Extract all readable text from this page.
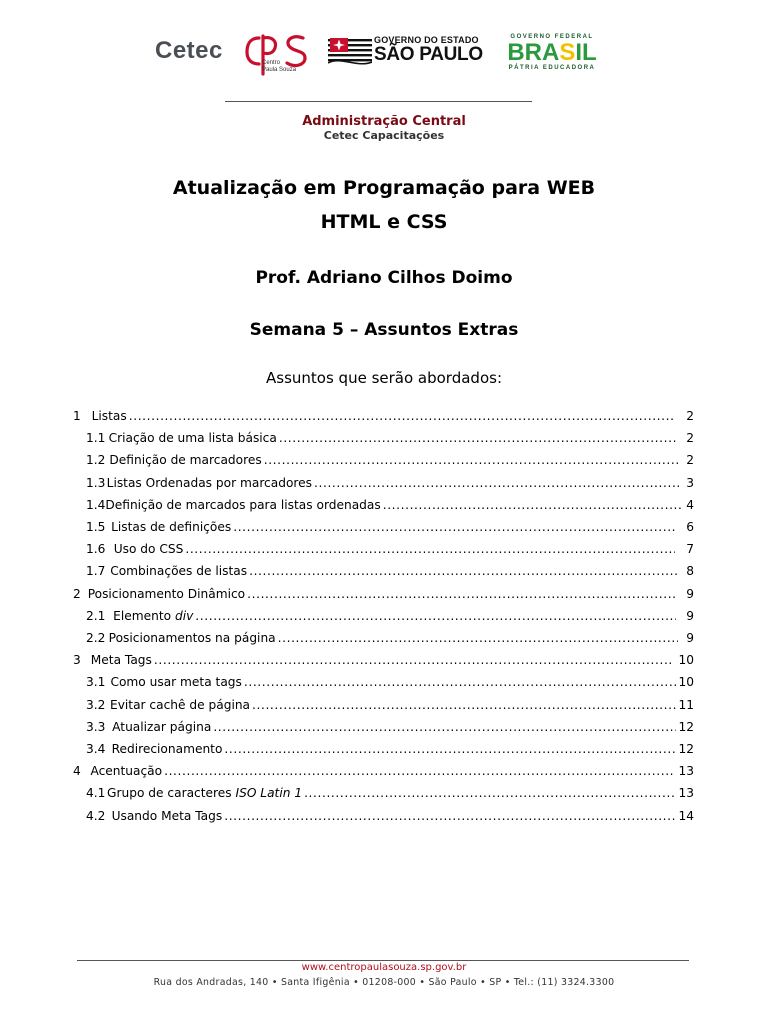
Cetec	Centro
Paula Souza
GOVERNO DO ESTADO
SÃO PAULO
GOVERNO FEDERAL
BRASIL
PÁTRIA EDUCADORA
Administração Central
Cetec Capacitações
Atualização em Programação para WEB
HTML e CSS
Prof. Adriano Cilhos Doimo
Semana 5 – Assuntos Extras
Assuntos que serão abordados:
1 Listas .....	2
1.1 Criação de uma lista básica .....	2
1.2 Definição de marcadores .....	2
1.3 Listas Ordenadas por marcadores .....	3
1.4 Definição de marcados para listas ordenadas .....	4
1.5 Listas de definições .....	6
1.6 Uso do CSS .....	7
1.7 Combinações de listas .....	8
2 Posicionamento Dinâmico .....	9
2.1 Elemento div .....	9
2.2 Posicionamentos na página .....	9
3 Meta Tags .....	10
3.1 Como usar meta tags .....	10
3.2 Evitar cachê de página .....	11
3.3 Atualizar página .....	12
3.4 Redirecionamento .....	12
4 Acentuação .....	13
4.1 Grupo de caracteres ISO Latin 1 .....	13
4.2 Usando Meta Tags .....	14
www.centropaulasouza.sp.gov.br
Rua dos Andradas, 140 • Santa Ifigênia • 01208-000 • São Paulo • SP • Tel.: (11) 3324.3300
